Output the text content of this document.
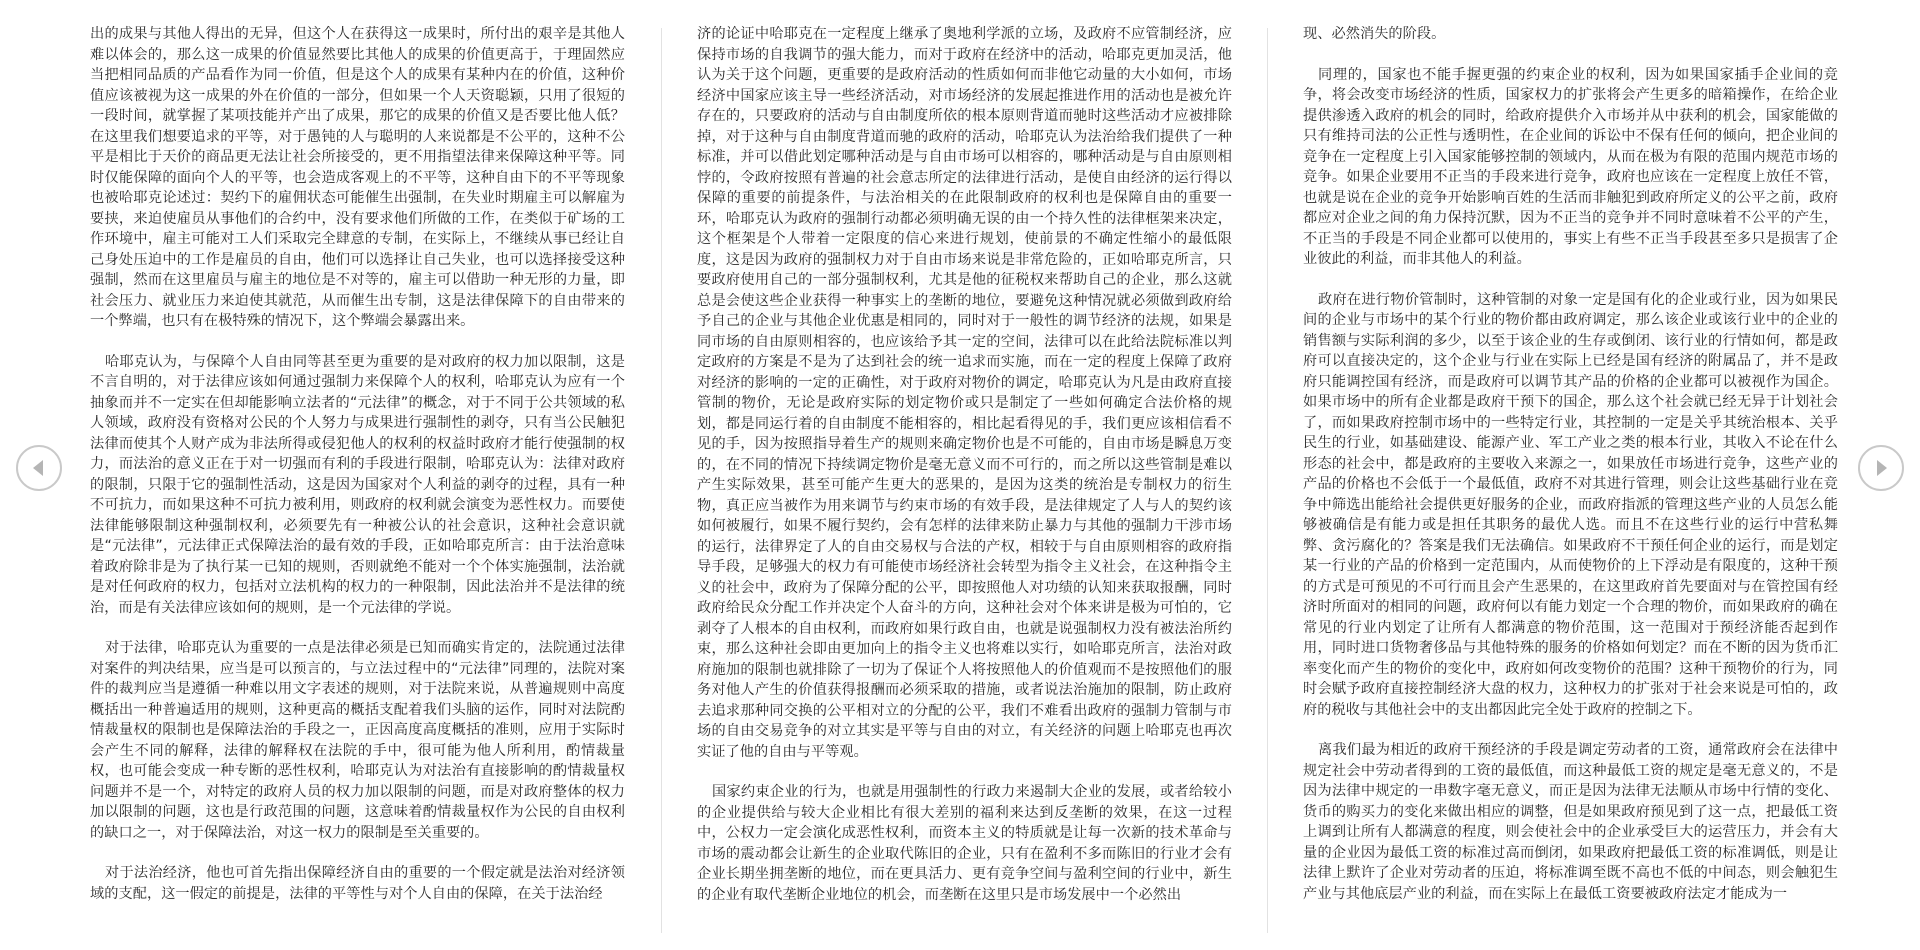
出的成果与其他人得出的无异，但这个人在获得这一成果时，所付出的艰辛是其他人难以体会的，那么这一成果的价值显然要比其他人的成果的价值更高于，于理固然应当把相同品质的产品看作为同一价值，但是这个人的成果有某种内在的价值，这种价值应该被视为这一成果的外在价值的一部分，但如果一个人天资聪颖，只用了很短的一段时间，就掌握了某项技能并产出了成果，那它的成果的价值又是否要比他人低？在这里我们想要追求的平等，对于愚钝的人与聪明的人来说都是不公平的，这种不公平是相比于天价的商品更无法让社会所接受的，更不用指望法律来保障这种平等。同时仅能保障的面向个人的平等，也会造成客观上的不平等，这种自由下的不平等现象也被哈耶克论述过：契约下的雇佣状态可能催生出强制，在失业时期雇主可以解雇为要挟，来迫使雇员从事他们的合约中，没有要求他们所做的工作，在类似于矿场的工作环境中，雇主可能对工人们采取完全肆意的专制，在实际上，不继续从事已经让自己身处压迫中的工作是雇员的自由，他们可以选择让自己失业，也可以选择接受这种强制，然而在这里雇员与雇主的地位是不对等的，雇主可以借助一种无形的力量，即社会压力、就业压力来迫使其就范，从而催生出专制，这是法律保障下的自由带来的一个弊端，也只有在极特殊的情况下，这个弊端会暴露出来。

哈耶克认为，与保障个人自由同等甚至更为重要的是对政府的权力加以限制，这是不言自明的，对于法律应该如何通过强制力来保障个人的权利，哈耶克认为应有一个抽象而并不一定实在但却能影响立法者的“元法律”的概念，对于不同于公共领域的私人领域，政府没有资格对公民的个人努力与成果进行强制性的剥夺，只有当公民触犯法律而使其个人财产成为非法所得或侵犯他人的权利的权益时政府才能行使强制的权力，而法治的意义正在于对一切强而有利的手段进行限制，哈耶克认为：法律对政府的限制，只限于它的强制性活动，这是因为国家对个人利益的剥夺的过程，具有一种不可抗力，而如果这种不可抗力被利用，则政府的权利就会演变为恶性权力。而要使法律能够限制这种强制权利，必须要先有一种被公认的社会意识，这种社会意识就是“元法律”，元法律正式保障法治的最有效的手段，正如哈耶克所言：由于法治意味着政府除非是为了执行某一已知的规则，否则就绝不能对一个个体实施强制，法治就是对任何政府的权力，包括对立法机构的权力的一种限制，因此法治并不是法律的统治，而是有关法律应该如何的规则，是一个元法律的学说。

对于法律，哈耶克认为重要的一点是法律必须是已知而确实肯定的，法院通过法律对案件的判决结果，应当是可以预言的，与立法过程中的“元法律”同理的，法院对案件的裁判应当是遵循一种难以用文字表述的规则，对于法院来说，从普遍规则中高度概括出一种普遍适用的规则，这种更高的概括支配着我们头脑的运作，同时对法院酌情裁量权的限制也是保障法治的手段之一，正因高度高度概括的准则，应用于实际时会产生不同的解释，法律的解释权在法院的手中，很可能为他人所利用，酌情裁量权，也可能会变成一种专断的恶性权利，哈耶克认为对法治有直接影响的酌情裁量权问题并不是一个，对特定的政府人员的权力加以限制的问题，而是对政府整体的权力加以限制的问题，这也是行政范围的问题，这意味着酌情裁量权作为公民的自由权利的缺口之一，对于保障法治，对这一权力的限制是至关重要的。

对于法治经济，他也可首先指出保障经济自由的重要的一个假定就是法治对经济领域的支配，这一假定的前提是，法律的平等性与对个人自由的保障，在关于法治经

济的论证中哈耶克在一定程度上继承了奥地利学派的立场，及政府不应管制经济，应保持市场的自我调节的强大能力，而对于政府在经济中的活动，哈耶克更加灵活，他认为关于这个问题，更重要的是政府活动的性质如何而非他它动量的大小如何，市场经济中国家应该主导一些经济活动，对市场经济的发展起推进作用的活动也是被允许存在的，只要政府的活动与自由制度所依的根本原则背道而驰时这些活动才应被排除掉，对于这种与自由制度背道而驰的政府的活动，哈耶克认为法治给我们提供了一种标准，并可以借此划定哪种活动是与自由市场可以相容的，哪种活动是与自由原则相悖的，令政府按照有普遍的社会意志所定的法律进行活动，是使自由经济的运行得以保障的重要的前提条件，与法治相关的在此限制政府的权利也是保障自由的重要一环，哈耶克认为政府的强制行动都必须明确无误的由一个持久性的法律框架来决定，这个框架是个人带着一定限度的信心来进行规划，使前景的不确定性缩小的最低限度，这是因为政府的强制权力对于自由市场来说是非常危险的，正如哈耶克所言，只要政府使用自己的一部分强制权利，尤其是他的征税权来帮助自己的企业，那么这就总是会使这些企业获得一种事实上的垄断的地位，要避免这种情况就必须做到政府给予自己的企业与其他企业优惠是相同的，同时对于一般性的调节经济的法规，如果是同市场的自由原则相容的，也应该给予其一定的空间，法律可以在此给法院标准以判定政府的方案是不是为了达到社会的统一追求而实施，而在一定的程度上保障了政府对经济的影响的一定的正确性，对于政府对物价的调定，哈耶克认为凡是由政府直接管制的物价，无论是政府实际的划定物价或只是制定了一些如何确定合法价格的规划，都是同运行着的自由制度不能相容的，相比起看得见的手，我们更应该相信看不见的手，因为按照指导着生产的规则来确定物价也是不可能的，自由市场是瞬息万变的，在不同的情况下持续调定物价是毫无意义而不可行的，而之所以这些管制是难以产生实际效果，甚至可能产生更大的恶果的，是因为这类的统治是专制权力的衍生物，真正应当被作为用来调节与约束市场的有效手段，是法律规定了人与人的契约该如何被履行，如果不履行契约，会有怎样的法律来防止暴力与其他的强制力干涉市场的运行，法律界定了人的自由交易权与合法的产权，相较于与自由原则相容的政府指导手段，足够强大的权力有可能使市场经济社会转型为指令主义社会，在这种指令主义的社会中，政府为了保障分配的公平，即按照他人对功绩的认知来获取报酬，同时政府给民众分配工作并决定个人奋斗的方向，这种社会对个体来讲是极为可怕的，它剥夺了人根本的自由权利，而政府如果行政自由，也就是说强制权力没有被法治所约束，那么这种社会即由更加向上的指令主义也将难以实行，如哈耶克所言，法治对政府施加的限制也就排除了一切为了保证个人将按照他人的价值观而不是按照他们的服务对他人产生的价值获得报酬而必须采取的措施，或者说法治施加的限制，防止政府去追求那种同交换的公平相对立的分配的公平，我们不难看出政府的强制力管制与市场的自由交易竞争的对立其实是平等与自由的对立，有关经济的问题上哈耶克也再次实证了他的自由与平等观。

国家约束企业的行为，也就是用强制性的行政力来遏制大企业的发展，或者给较小的企业提供给与较大企业相比有很大差别的福利来达到反垄断的效果，在这一过程中，公权力一定会演化成恶性权利，而资本主义的特质就是让每一次新的技术革命与市场的震动都会让新生的企业取代陈旧的企业，只有在盈利不多而陈旧的行业才会有企业长期坐拥垄断的地位，而在更具活力、更有竞争空间与盈利空间的行业中，新生的企业有取代垄断企业地位的机会，而垄断在这里只是市场发展中一个必然出

现、必然消失的阶段。

同理的，国家也不能手握更强的约束企业的权利，因为如果国家插手企业间的竞争，将会改变市场经济的性质，国家权力的扩张将会产生更多的暗箱操作，在给企业提供渗透入政府的机会的同时，给政府提供介入市场并从中获利的机会，国家能做的只有维持司法的公正性与透明性，在企业间的诉讼中不保有任何的倾向，把企业间的竞争在一定程度上引入国家能够控制的领域内，从而在极为有限的范围内规范市场的竞争。如果企业要用不正当的手段来进行竞争，政府也应该在一定程度上放任不管，也就是说在企业的竞争开始影响百姓的生活而非触犯到政府所定义的公平之前，政府都应对企业之间的角力保持沉默，因为不正当的竞争并不同时意味着不公平的产生，不正当的手段是不同企业都可以使用的，事实上有些不正当手段甚至多只是损害了企业彼此的利益，而非其他人的利益。

政府在进行物价管制时，这种管制的对象一定是国有化的企业或行业，因为如果民间的企业与市场中的某个行业的物价都由政府调定，那么该企业或该行业中的企业的销售额与实际利润的多少，以至于该企业的生存或倒闭、该行业的行情如何，都是政府可以直接决定的，这个企业与行业在实际上已经是国有经济的附属品了，并不是政府只能调控国有经济，而是政府可以调节其产品的价格的企业都可以被视作为国企。如果市场中的所有企业都是政府干预下的国企，那么这个社会就已经无异于计划社会了，而如果政府控制市场中的一些特定行业，其控制的一定是关乎其统治根本、关乎民生的行业，如基础建设、能源产业、军工产业之类的根本行业，其收入不论在什么形态的社会中，都是政府的主要收入来源之一，如果放任市场进行竞争，这些产业的产品的价格也不会低于一个最低值，政府不对其进行管理，则会让这些基础行业在竞争中筛选出能给社会提供更好服务的企业，而政府指派的管理这些产业的人员怎么能够被确信是有能力或是担任其职务的最优人选。而且不在这些行业的运行中营私舞弊、贪污腐化的？答案是我们无法确信。如果政府不干预任何企业的运行，而是划定某一行业的产品的价格到一定范围内，从而使物价的上下浮动是有限度的，这种干预的方式是可预见的不可行而且会产生恶果的，在这里政府首先要面对与在管控国有经济时所面对的相同的问题，政府何以有能力划定一个合理的物价，而如果政府的确在常见的行业内划定了让所有人都满意的物价范围，这一范围对于预经济能否起到作用，同时进口货物奢侈品与其他特殊的服务的价格如何划定？而在不断的因为货币汇率变化而产生的物价的变化中，政府如何改变物价的范围？这种干预物价的行为，同时会赋予政府直接控制经济大盘的权力，这种权力的扩张对于社会来说是可怕的，政府的税收与其他社会中的支出都因此完全处于政府的控制之下。

离我们最为相近的政府干预经济的手段是调定劳动者的工资，通常政府会在法律中规定社会中劳动者得到的工资的最低值，而这种最低工资的规定是毫无意义的，不是因为法律中规定的一串数字毫无意义，而正是因为法律无法顺从市场中行情的变化、货币的购买力的变化来做出相应的调整，但是如果政府预见到了这一点，把最低工资上调到让所有人都满意的程度，则会使社会中的企业承受巨大的运营压力，并会有大量的企业因为最低工资的标准过高而倒闭，如果政府把最低工资的标准调低，则是让法律上默许了企业对劳动者的压迫，将标准调至既不高也不低的中间态，则会触犯生产业与其他底层产业的利益，而在实际上在最低工资要被政府法定才能成为一
